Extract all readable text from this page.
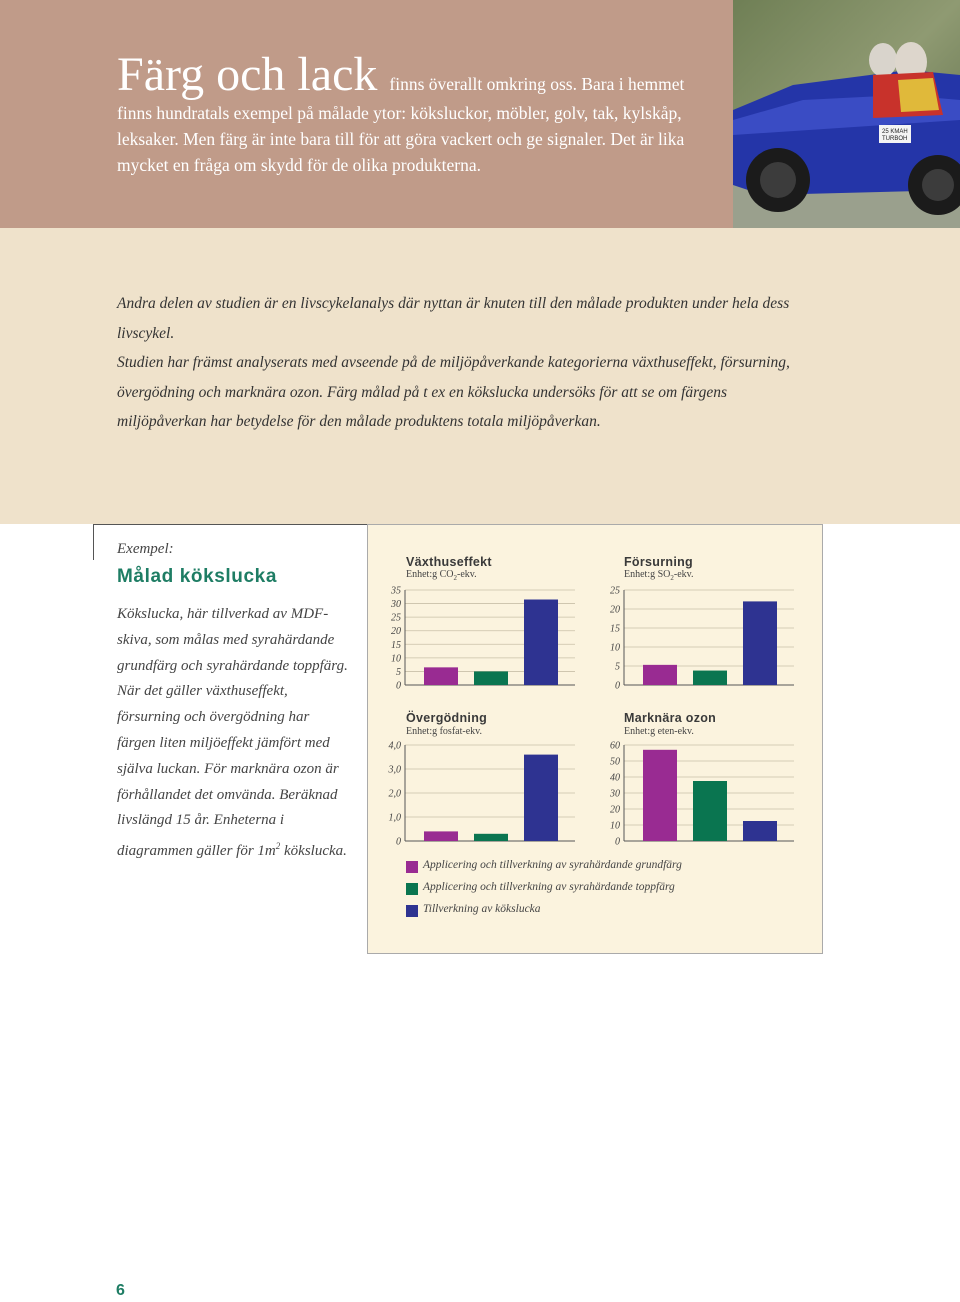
25 KMAH
TURBOH
Färg och lack finns överallt omkring oss. Bara i hemmet finns hundratals exempel på målade ytor: köksluckor, möbler, golv, tak, kylskåp, leksaker. Men färg är inte bara till för att göra vackert och ge signaler. Det är lika mycket en fråga om skydd för de olika produkterna.

Andra delen av studien är en livscykelanalys där nyttan är knuten till den målade produkten under hela dess livscykel.

Studien har främst analyserats med avseende på de miljöpåverkande kategorierna växthuseffekt, försurning, övergödning och marknära ozon. Färg målad på t ex en kökslucka undersöks för att se om färgens miljöpåverkan har betydelse för den målade produktens totala miljöpåverkan.

Exempel:
Målad kökslucka
Kökslucka, här tillverkad av MDF-skiva, som målas med syrahärdande grundfärg och syrahärdande toppfärg. När det gäller växthuseffekt, försurning och övergödning har färgen liten miljöeffekt jämfört med själva luckan. För marknära ozon är förhållandet det omvända. Beräknad livslängd 15 år. Enheterna i diagrammen gäller för $1m^2$ kökslucka.
Växthuseffekt
Enhet:g $CO_2$-ekv.
0
5
10
15
20
25
30
35
Försurning
Enhet:g $SO_2$-ekv.
0
5
10
15
20
25
Övergödning
Enhet:g fosfat-ekv.
0
1,0
2,0
3,0
4,0
Marknära ozon
Enhet:g eten-ekv.
0
10
20
30
40
50
60
Applicering och tillverkning av syrahärdande grundfärg
Applicering och tillverkning av syrahärdande toppfärg
Tillverkning av kökslucka
6
